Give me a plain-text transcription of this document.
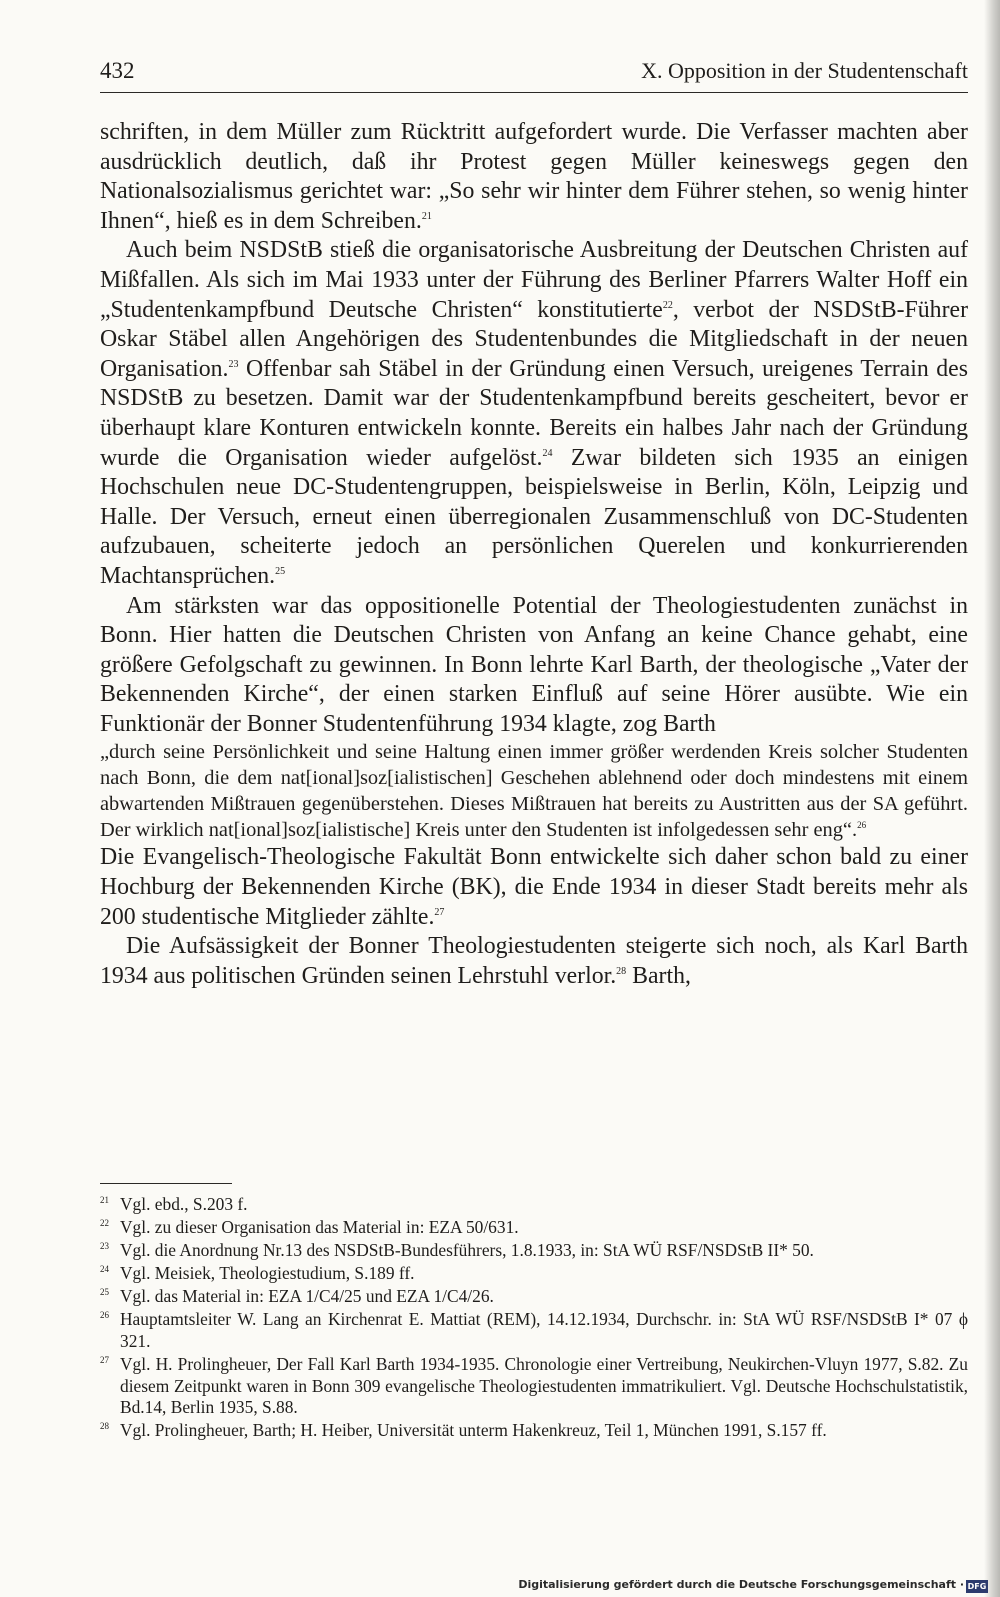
432	X. Opposition in der Studentenschaft

schriften, in dem Müller zum Rücktritt aufgefordert wurde. Die Verfasser machten aber ausdrücklich deutlich, daß ihr Protest gegen Müller keineswegs gegen den Nationalsozialismus gerichtet war: „So sehr wir hinter dem Führer stehen, so wenig hinter Ihnen“, hieß es in dem Schreiben.$^{21}$

Auch beim NSDStB stieß die organisatorische Ausbreitung der Deutschen Christen auf Mißfallen. Als sich im Mai 1933 unter der Führung des Berliner Pfarrers Walter Hoff ein „Studentenkampfbund Deutsche Christen“ konstitutierte$^{22}$, verbot der NSDStB-Führer Oskar Stäbel allen Angehörigen des Studentenbundes die Mitgliedschaft in der neuen Organisation.$^{23}$ Offenbar sah Stäbel in der Gründung einen Versuch, ureigenes Terrain des NSDStB zu besetzen. Damit war der Studentenkampfbund bereits gescheitert, bevor er überhaupt klare Konturen entwickeln konnte. Bereits ein halbes Jahr nach der Gründung wurde die Organisation wieder aufgelöst.$^{24}$ Zwar bildeten sich 1935 an einigen Hochschulen neue DC-Studentengruppen, beispielsweise in Berlin, Köln, Leipzig und Halle. Der Versuch, erneut einen überregionalen Zusammenschluß von DC-Studenten aufzubauen, scheiterte jedoch an persönlichen Querelen und konkurrierenden Machtansprüchen.$^{25}$

Am stärksten war das oppositionelle Potential der Theologiestudenten zunächst in Bonn. Hier hatten die Deutschen Christen von Anfang an keine Chance gehabt, eine größere Gefolgschaft zu gewinnen. In Bonn lehrte Karl Barth, der theologische „Vater der Bekennenden Kirche“, der einen starken Einfluß auf seine Hörer ausübte. Wie ein Funktionär der Bonner Studentenführung 1934 klagte, zog Barth

„durch seine Persönlichkeit und seine Haltung einen immer größer werdenden Kreis solcher Studenten nach Bonn, die dem nat[ional]soz[ialistischen] Geschehen ablehnend oder doch mindestens mit einem abwartenden Mißtrauen gegenüberstehen. Dieses Mißtrauen hat bereits zu Austritten aus der SA geführt. Der wirklich nat[ional]soz[ialistische] Kreis unter den Studenten ist infolgedessen sehr eng“.$^{26}$

Die Evangelisch-Theologische Fakultät Bonn entwickelte sich daher schon bald zu einer Hochburg der Bekennenden Kirche (BK), die Ende 1934 in dieser Stadt bereits mehr als 200 studentische Mitglieder zählte.$^{27}$

Die Aufsässigkeit der Bonner Theologiestudenten steigerte sich noch, als Karl Barth 1934 aus politischen Gründen seinen Lehrstuhl verlor.$^{28}$ Barth,

21 Vgl. ebd., S.203 f.
22 Vgl. zu dieser Organisation das Material in: EZA 50/631.
23 Vgl. die Anordnung Nr.13 des NSDStB-Bundesführers, 1.8.1933, in: StA WÜ RSF/NSDStB II* 50.
24 Vgl. Meisiek, Theologiestudium, S.189 ff.
25 Vgl. das Material in: EZA 1/C4/25 und EZA 1/C4/26.
26 Hauptamtsleiter W. Lang an Kirchenrat E. Mattiat (REM), 14.12.1934, Durchschr. in: StA WÜ RSF/NSDStB I* 07 ϕ 321.
27 Vgl. H. Prolingheuer, Der Fall Karl Barth 1934-1935. Chronologie einer Vertreibung, Neukirchen-Vluyn 1977, S.82. Zu diesem Zeitpunkt waren in Bonn 309 evangelische Theologiestudenten immatrikuliert. Vgl. Deutsche Hochschulstatistik, Bd.14, Berlin 1935, S.88.
28 Vgl. Prolingheuer, Barth; H. Heiber, Universität unterm Hakenkreuz, Teil 1, München 1991, S.157 ff.
Digitalisierung gefördert durch die Deutsche Forschungsgemeinschaft · DFG
